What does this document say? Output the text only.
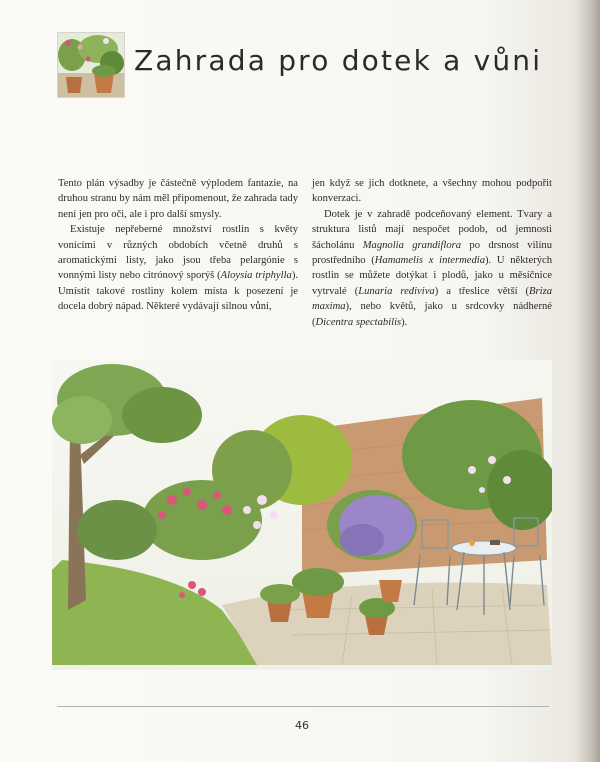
Zahrada pro dotek a vůni

Tento plán výsadby je částečně výplodem fantazie, na druhou stranu by nám měl připomenout, že zahrada tady není jen pro oči, ale i pro další smysly.

Existuje nepřeberné množství rostlin s květy vonícími v různých obdobích včetně druhů s aromatickými listy, jako jsou třeba pelargónie s vonnými listy nebo citrónový sporýš (Aloysia triphylla). Umístit takové rostliny kolem místa k posezení je docela dobrý nápad. Některé vydávají silnou vůni,

jen když se jich dotknete, a všechny mohou podpořit konverzaci.

Dotek je v zahradě podceňovaný element. Tvary a struktura listů mají nespočet podob, od jemnosti šácholánu Magnolia grandiflora po drsnost vilínu prostředního (Hamamelis x intermedia). U některých rostlin se můžete dotýkat i plodů, jako u měsíčnice vytrvalé (Lunaria rediviva) a třeslice větší (Briza maxima), nebo květů, jako u srdcovky nádherné (Dicentra spectabilis).

46
